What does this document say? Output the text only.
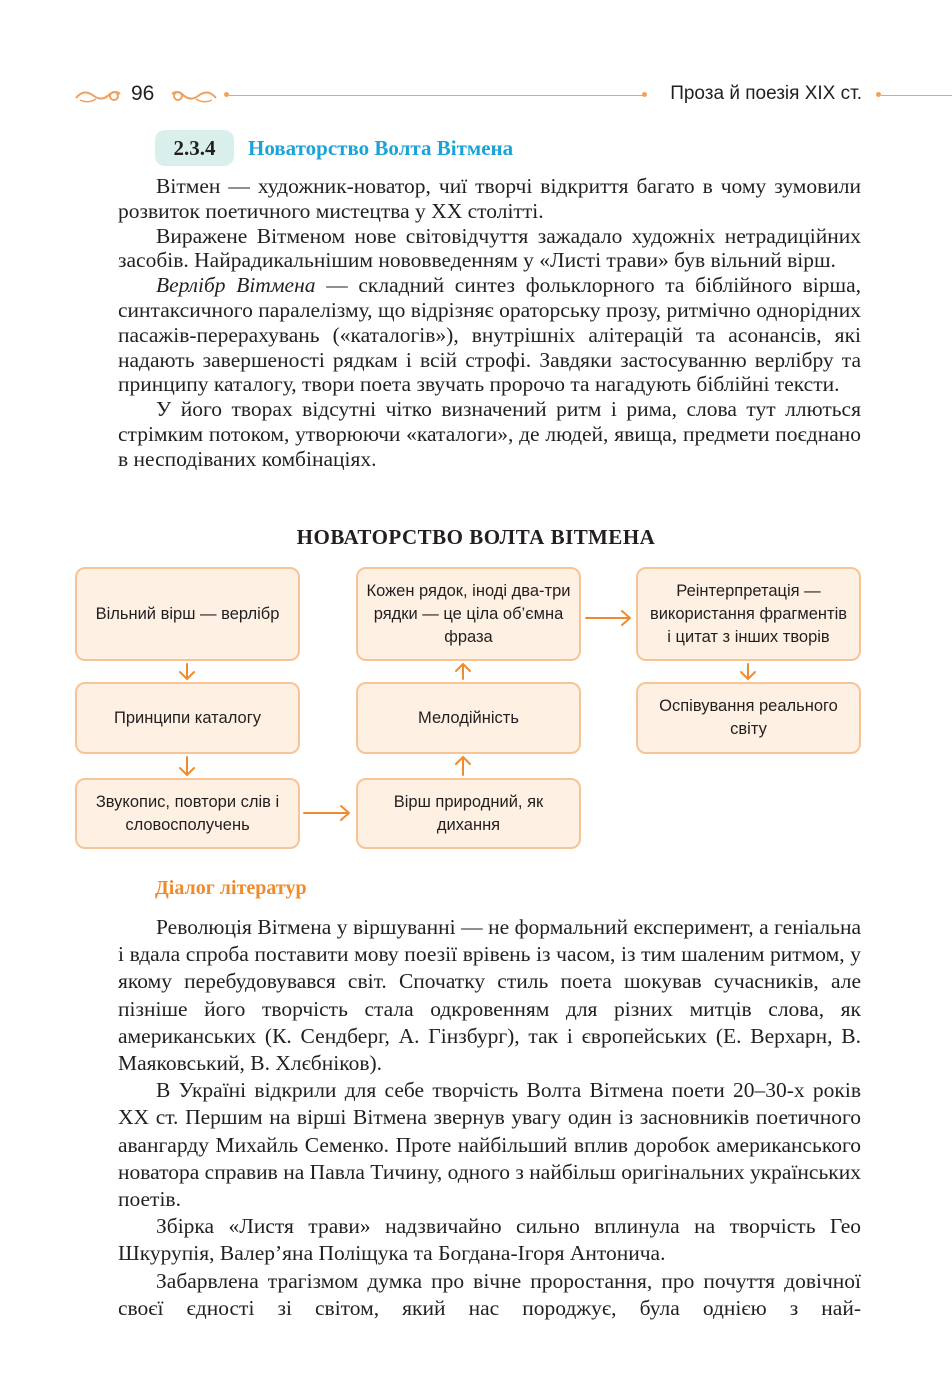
96	Проза й поезія XIX ст.
2.3.4	Новаторство Волта Вітмена

Вітмен — художник-новатор, чиї творчі відкриття багато в чому зумовили розвиток поетичного мистецтва у XX столітті.

Виражене Вітменом нове світовідчуття зажадало художніх нетрадиційних засобів. Найрадикальнішим нововведенням у «Листі трави» був вільний вірш.

Верлібр Вітмена — складний синтез фольклорного та біблійного вірша, синтаксичного паралелізму, що відрізняє ораторську прозу, ритмічно однорідних пасажів-перерахувань («каталогів»), внутрішніх алітерацій та асонансів, які надають завершеності рядкам і всій строфі. Завдяки застосуванню верлібру та принципу каталогу, твори поета звучать пророчо та нагадують біблійні тексти.

У його творах відсутні чітко визначений ритм і рима, слова тут ллються стрімким потоком, утворюючи «каталоги», де людей, явища, предмети поєднано в несподіваних комбінаціях.

НОВАТОРСТВО ВОЛТА ВІТМЕНА
Вільний вірш — верлібр
Принципи каталогу
Звукопис, повтори слів і словосполучень
Вірш природний, як дихання
Мелодійність
Кожен рядок, іноді два-три рядки — це ціла об’ємна фраза
Реінтерпретація — використання фрагментів і цитат з інших творів
Оспівування реального світу
Діалог літератур

Революція Вітмена у віршуванні — не формальний експеримент, а геніальна і вдала спроба поставити мову поезії врівень із часом, із тим шаленим ритмом, у якому перебудовувався світ. Спочатку стиль поета шокував сучасників, але пізніше його творчість стала одкровенням для різних митців слова, як американських (К. Сендберг, А. Гінзбург), так і європейських (Е. Верхарн, В. Маяковський, В. Хлєбніков).

В Україні відкрили для себе творчість Волта Вітмена поети 20–30-х років XX ст. Першим на вірші Вітмена звернув увагу один із засновників поетичного авангарду Михайль Семенко. Проте найбільший вплив доробок американського новатора справив на Павла Тичину, одного з найбільш оригінальних українських поетів.

Збірка «Листя трави» надзвичайно сильно вплинула на творчість Гео Шкурупія, Валер’яна Поліщука та Богдана-Ігоря Антонича.

Забарвлена трагізмом думка про вічне проростання, про почуття довічної своєї єдності зі світом, який нас породжує, була однією з най-
